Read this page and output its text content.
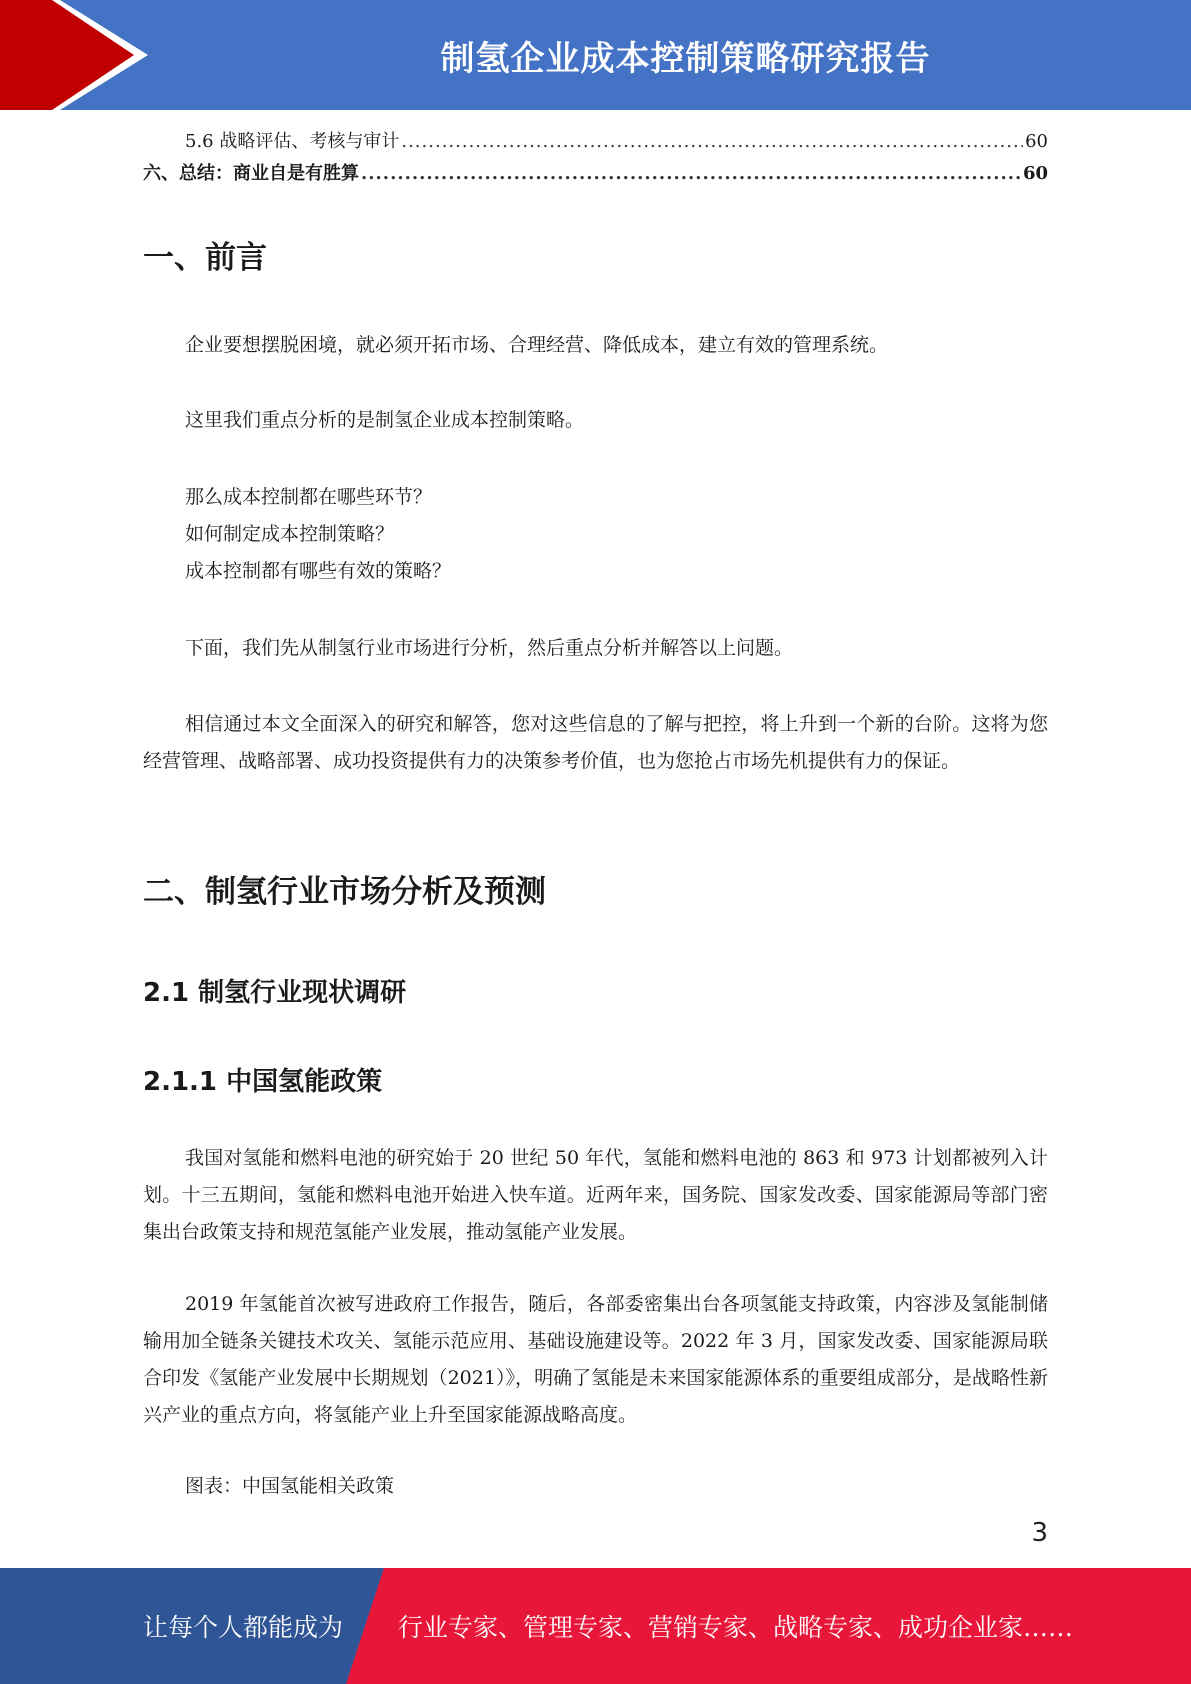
制氢企业成本控制策略研究报告
5.6 战略评估、考核与审计 .....	60
六、总结：商业自是有胜算 .....	60
一、前言

企业要想摆脱困境，就必须开拓市场、合理经营、降低成本，建立有效的管理系统。

这里我们重点分析的是制氢企业成本控制策略。

那么成本控制都在哪些环节？

如何制定成本控制策略？

成本控制都有哪些有效的策略？

下面，我们先从制氢行业市场进行分析，然后重点分析并解答以上问题。

相信通过本文全面深入的研究和解答，您对这些信息的了解与把控，将上升到一个新的台阶。这将为您经营管理、战略部署、成功投资提供有力的决策参考价值，也为您抢占市场先机提供有力的保证。

二、制氢行业市场分析及预测
2.1 制氢行业现状调研
2.1.1 中国氢能政策

我国对氢能和燃料电池的研究始于 20 世纪 50 年代，氢能和燃料电池的 863 和 973 计划都被列入计划。十三五期间，氢能和燃料电池开始进入快车道。近两年来，国务院、国家发改委、国家能源局等部门密集出台政策支持和规范氢能产业发展，推动氢能产业发展。

2019 年氢能首次被写进政府工作报告，随后，各部委密集出台各项氢能支持政策，内容涉及氢能制储输用加全链条关键技术攻关、氢能示范应用、基础设施建设等。2022 年 3 月，国家发改委、国家能源局联合印发《氢能产业发展中长期规划（2021）》，明确了氢能是未来国家能源体系的重要组成部分，是战略性新兴产业的重点方向，将氢能产业上升至国家能源战略高度。

图表：中国氢能相关政策

3
让每个人都能成为 行业专家、管理专家、营销专家、战略专家、成功企业家……
